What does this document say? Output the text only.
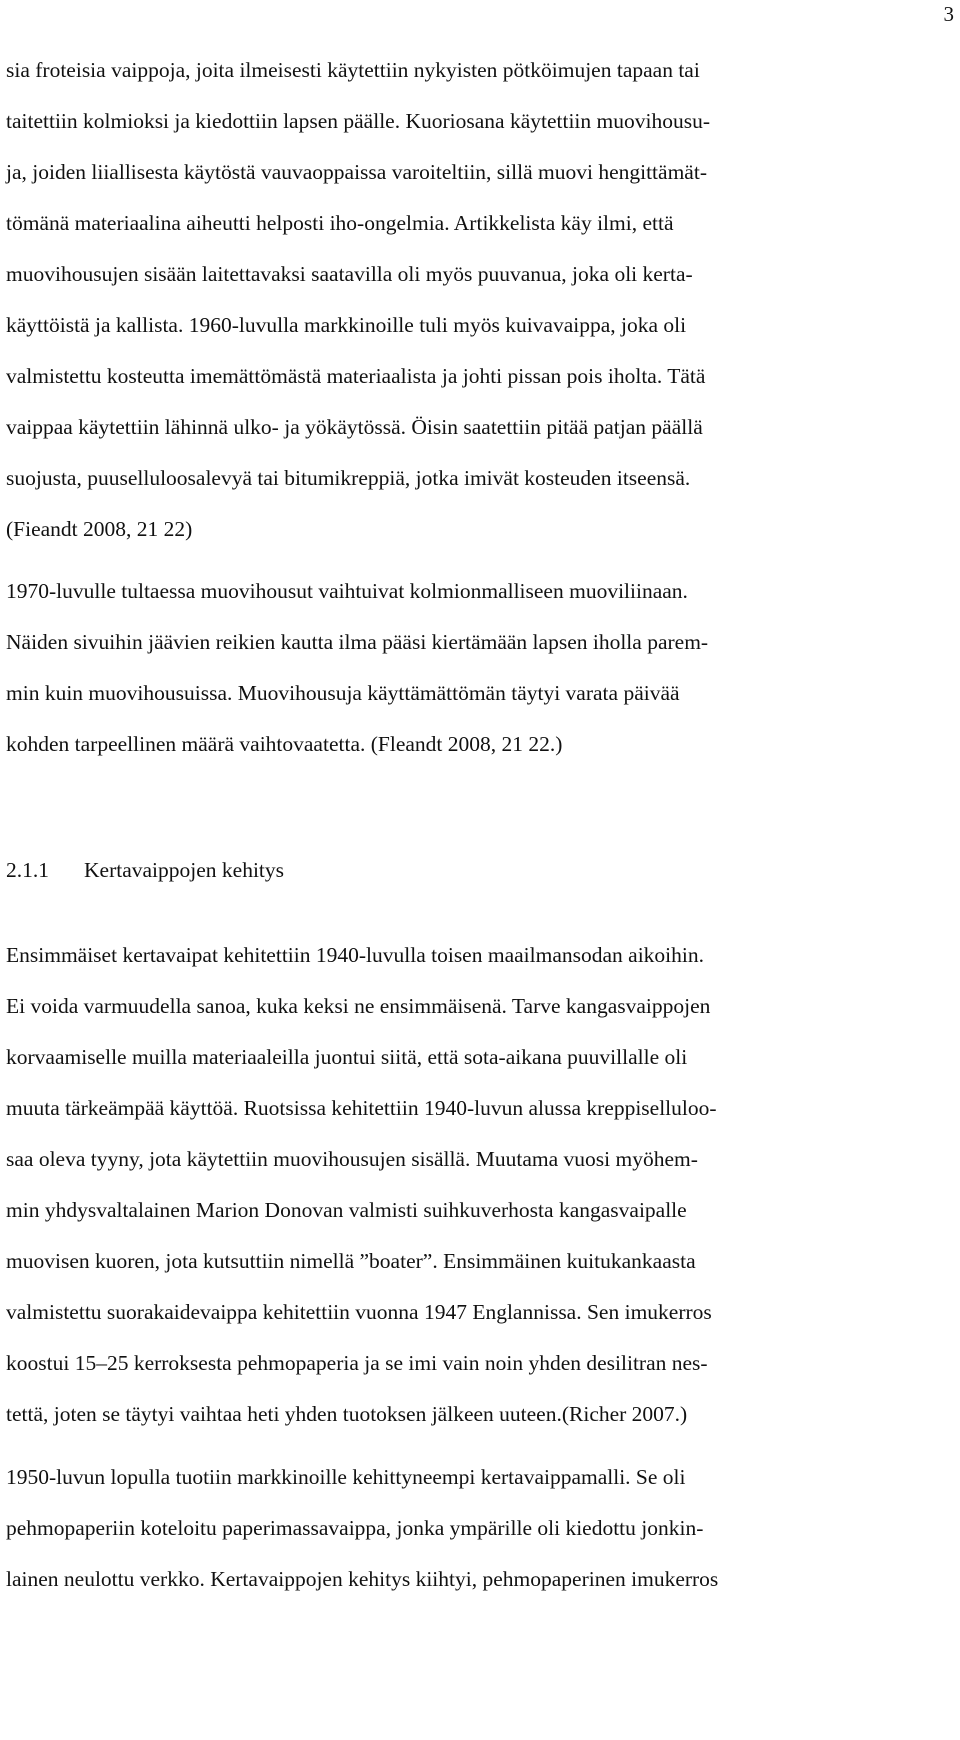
3

sia froteisia vaippoja, joita ilmeisesti käytettiin nykyisten pötköimujen tapaan tai
taitettiin kolmioksi ja kiedottiin lapsen päälle. Kuoriosana käytettiin muovihousu-
ja, joiden liiallisesta käytöstä vauvaoppaissa varoiteltiin, sillä muovi hengittämät-
tömänä materiaalina aiheutti helposti iho-ongelmia. Artikkelista käy ilmi, että
muovihousujen sisään laitettavaksi saatavilla oli myös puuvanua, joka oli kerta-
käyttöistä ja kallista. 1960-luvulla markkinoille tuli myös kuivavaippa, joka oli
valmistettu kosteutta imemättömästä materiaalista ja johti pissan pois iholta. Tätä
vaippaa käytettiin lähinnä ulko- ja yökäytössä. Öisin saatettiin pitää patjan päällä
suojusta, puuselluloosalevyä tai bitumikreppiä, jotka imivät kosteuden itseensä.
(Fieandt 2008, 21 22)

1970-luvulle tultaessa muovihousut vaihtuivat kolmionmalliseen muoviliinaan.
Näiden sivuihin jäävien reikien kautta ilma pääsi kiertämään lapsen iholla parem-
min kuin muovihousuissa. Muovihousuja käyttämättömän täytyi varata päivää
kohden tarpeellinen määrä vaihtovaatetta. (Fleandt 2008, 21 22.)

2.1.1 Kertavaippojen kehitys

Ensimmäiset kertavaipat kehitettiin 1940-luvulla toisen maailmansodan aikoihin.
Ei voida varmuudella sanoa, kuka keksi ne ensimmäisenä. Tarve kangasvaippojen
korvaamiselle muilla materiaaleilla juontui siitä, että sota-aikana puuvillalle oli
muuta tärkeämpää käyttöä. Ruotsissa kehitettiin 1940-luvun alussa kreppiselluloo-
saa oleva tyyny, jota käytettiin muovihousujen sisällä. Muutama vuosi myöhem-
min yhdysvaltalainen Marion Donovan valmisti suihkuverhosta kangasvaipalle
muovisen kuoren, jota kutsuttiin nimellä ”boater”. Ensimmäinen kuitukankaasta
valmistettu suorakaidevaippa kehitettiin vuonna 1947 Englannissa. Sen imukerros
koostui 15–25 kerroksesta pehmopaperia ja se imi vain noin yhden desilitran nes-
tettä, joten se täytyi vaihtaa heti yhden tuotoksen jälkeen uuteen.(Richer 2007.)

1950-luvun lopulla tuotiin markkinoille kehittyneempi kertavaippamalli. Se oli
pehmopaperiin koteloitu paperimassavaippa, jonka ympärille oli kiedottu jonkin-
lainen neulottu verkko. Kertavaippojen kehitys kiihtyi, pehmopaperinen imukerros
